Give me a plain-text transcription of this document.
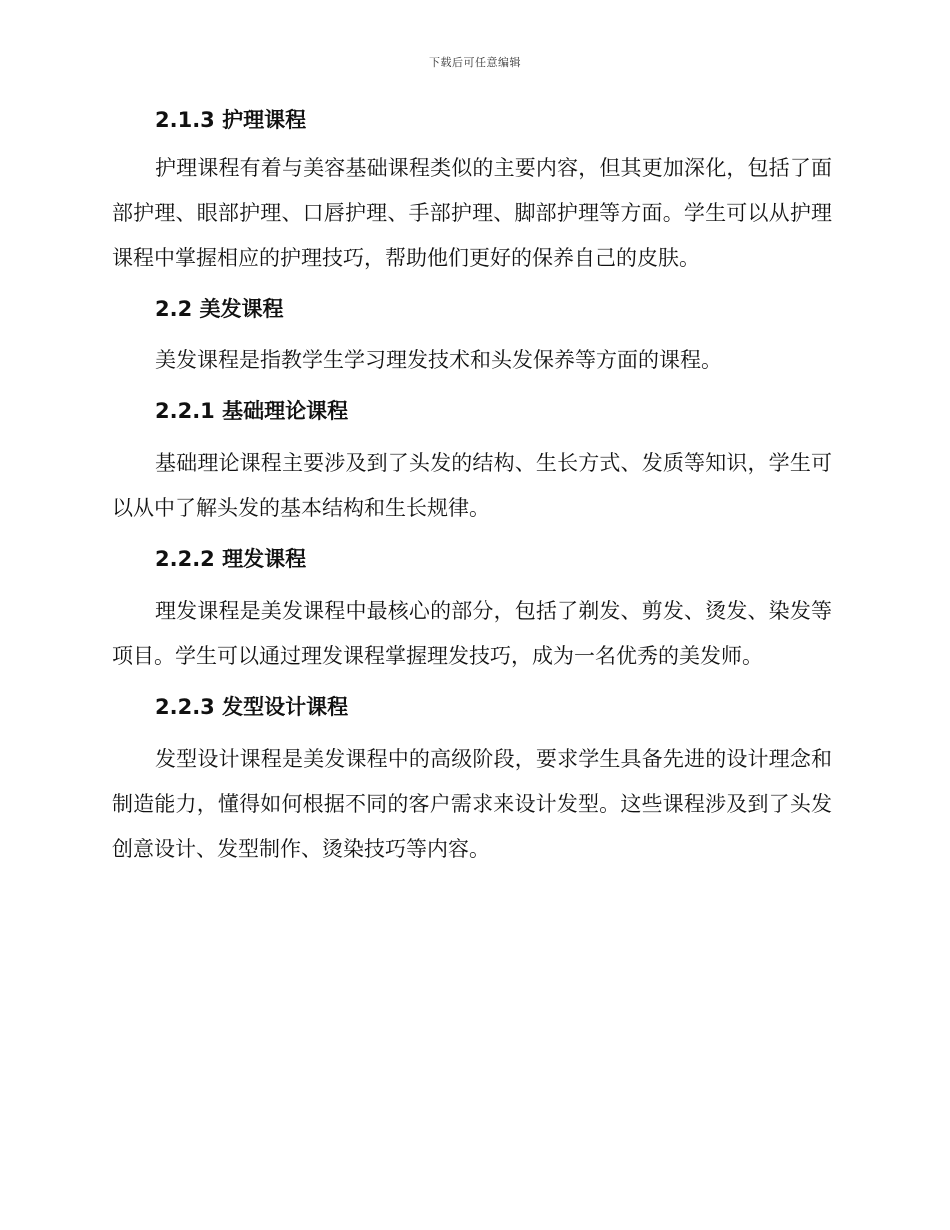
下载后可任意编辑
2.1.3 护理课程

护理课程有着与美容基础课程类似的主要内容，但其更加深化，包括了面部护理、眼部护理、口唇护理、手部护理、脚部护理等方面。学生可以从护理课程中掌握相应的护理技巧，帮助他们更好的保养自己的皮肤。

2.2 美发课程

美发课程是指教学生学习理发技术和头发保养等方面的课程。

2.2.1 基础理论课程

基础理论课程主要涉及到了头发的结构、生长方式、发质等知识，学生可以从中了解头发的基本结构和生长规律。

2.2.2 理发课程

理发课程是美发课程中最核心的部分，包括了剃发、剪发、烫发、染发等项目。学生可以通过理发课程掌握理发技巧，成为一名优秀的美发师。

2.2.3 发型设计课程

发型设计课程是美发课程中的高级阶段，要求学生具备先进的设计理念和制造能力，懂得如何根据不同的客户需求来设计发型。这些课程涉及到了头发创意设计、发型制作、烫染技巧等内容。
